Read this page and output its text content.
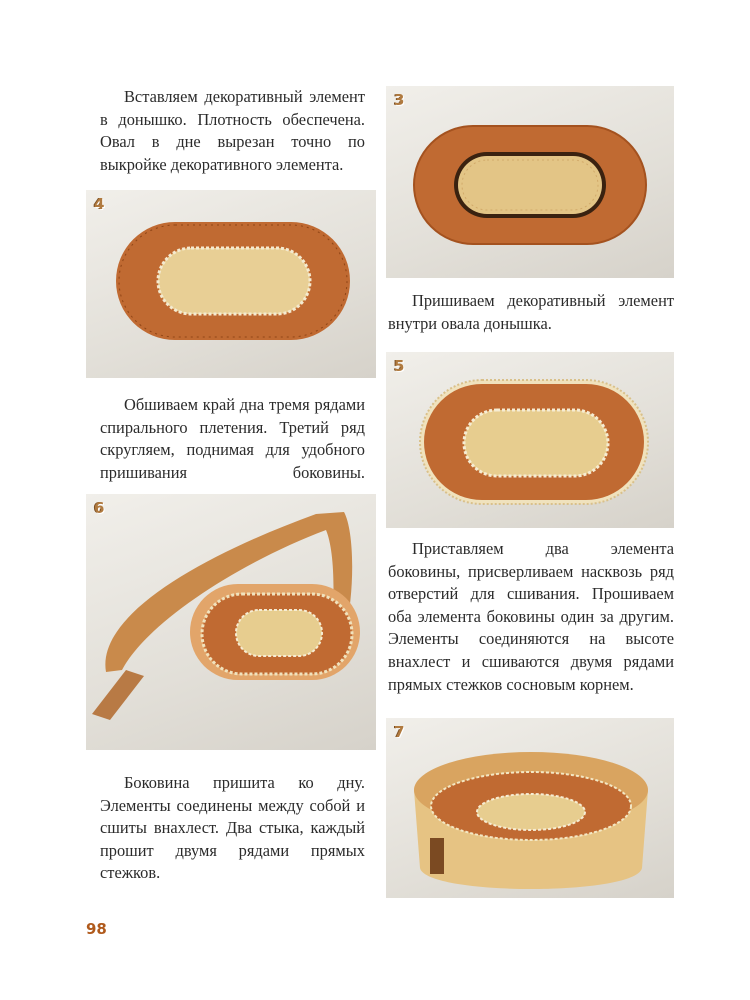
Вставляем декоративный элемент в донышко. Плотность обеспечена. Овал в дне вырезан точно по выкройке декоративного элемента.

3
4

Пришиваем декоративный элемент внутри овала донышка.

5

Обшиваем край дна тремя рядами спирального плетения. Третий ряд скругляем, поднимая для удобного пришивания боковины.

6

Приставляем два элемента боковины, присверливаем насквозь ряд отверстий для сшивания. Прошиваем оба элемента боковины один за другим. Элементы соединяются на высоте внахлест и сшиваются двумя рядами прямых стежков сосновым корнем.

7

Боковина пришита ко дну. Элементы соединены между собой и сшиты внахлест. Два стыка, каждый прошит двумя рядами прямых стежков.

98
